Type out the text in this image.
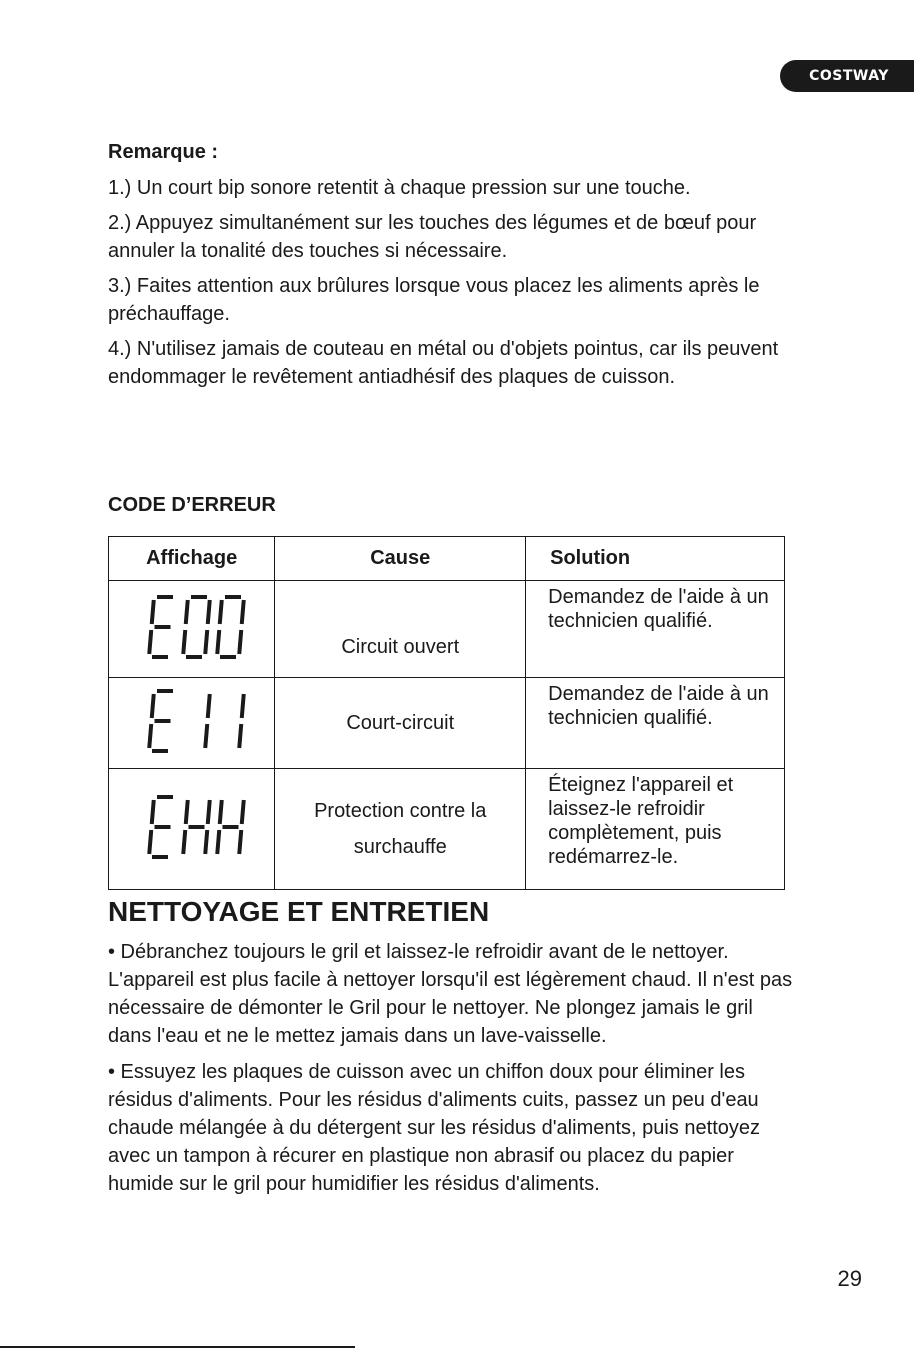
COSTWAY

Remarque :

1.) Un court bip sonore retentit à chaque pression sur une touche.

2.) Appuyez simultanément sur les touches des légumes et de bœuf pour annuler la tonalité des touches si nécessaire.

3.) Faites attention aux brûlures lorsque vous placez les aliments après le préchauffage.

4.) N'utilisez jamais de couteau en métal ou d'objets pointus, car ils peuvent endommager le revêtement antiadhésif des plaques de cuisson.

CODE D’ERREUR

Affichage	Cause	Solution
	Circuit ouvert	Demandez de l'aide à un technicien qualifié.
	Court-circuit	Demandez de l'aide à un technicien qualifié.
	Protection contre la surchauffe	Éteignez l'appareil et laissez-le refroidir complètement, puis redémarrez-le.
NETTOYAGE ET ENTRETIEN

• Débranchez toujours le gril et laissez-le refroidir avant de le nettoyer. L'appareil est plus facile à nettoyer lorsqu'il est légèrement chaud. Il n'est pas nécessaire de démonter le Gril pour le nettoyer. Ne plongez jamais le gril dans l'eau et ne le mettez jamais dans un lave-vaisselle.

• Essuyez les plaques de cuisson avec un chiffon doux pour éliminer les résidus d'aliments. Pour les résidus d'aliments cuits, passez un peu d'eau chaude mélangée à du détergent sur les résidus d'aliments, puis nettoyez avec un tampon à récurer en plastique non abrasif ou placez du papier humide sur le gril pour humidifier les résidus d'aliments.

29
